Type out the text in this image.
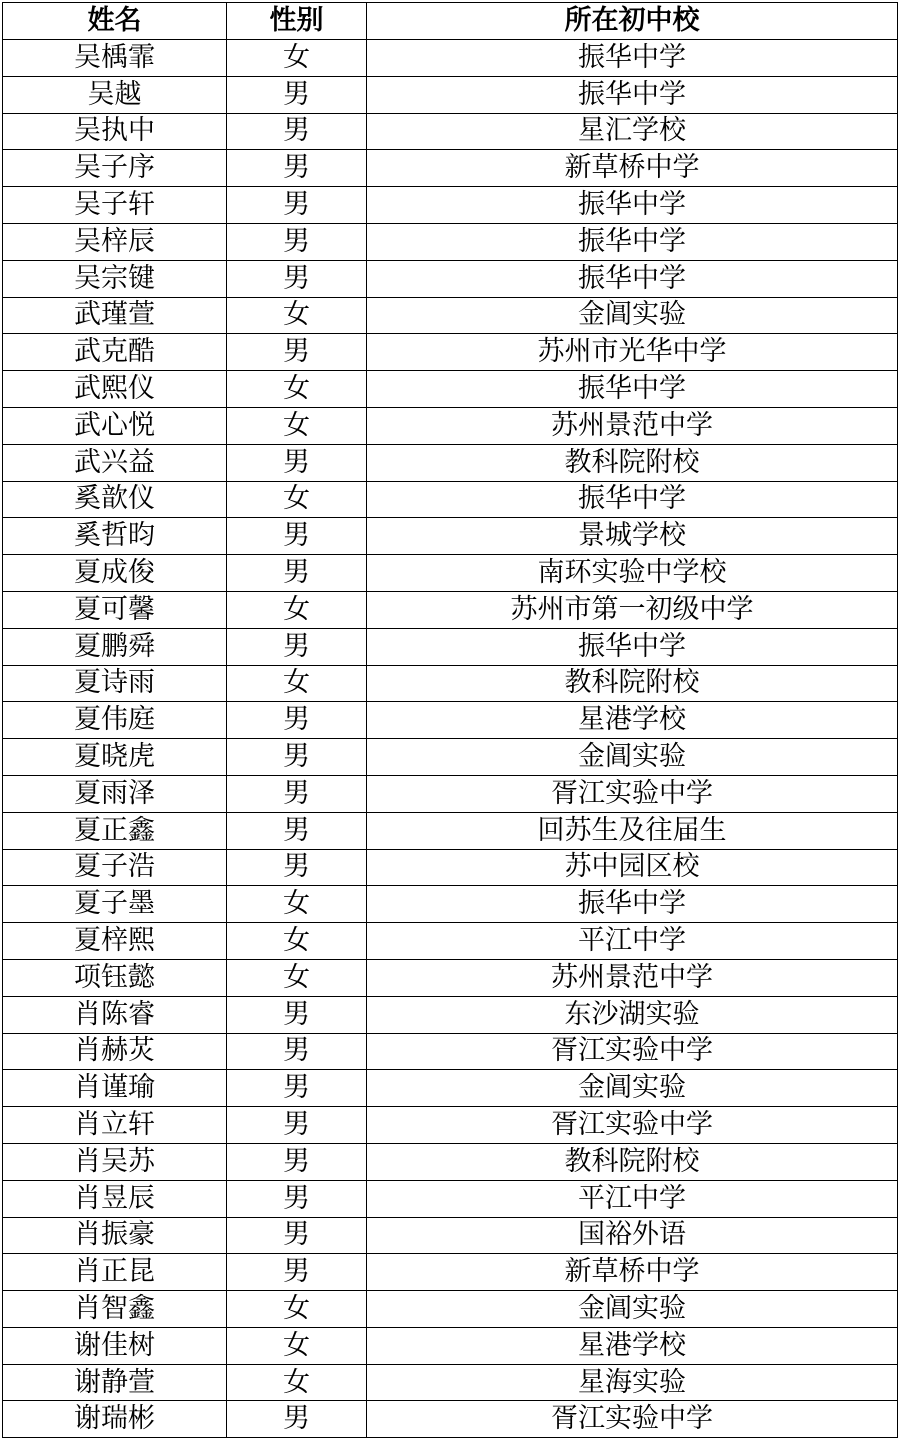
姓名	性别	所在初中校
吴楀霏	女	振华中学
吴越	男	振华中学
吴执中	男	星汇学校
吴子序	男	新草桥中学
吴子轩	男	振华中学
吴梓辰	男	振华中学
吴宗键	男	振华中学
武瑾萱	女	金阊实验
武克酷	男	苏州市光华中学
武熙仪	女	振华中学
武心悦	女	苏州景范中学
武兴益	男	教科院附校
奚歆仪	女	振华中学
奚哲昀	男	景城学校
夏成俊	男	南环实验中学校
夏可馨	女	苏州市第一初级中学
夏鹏舜	男	振华中学
夏诗雨	女	教科院附校
夏伟庭	男	星港学校
夏晓虎	男	金阊实验
夏雨泽	男	胥江实验中学
夏正鑫	男	回苏生及往届生
夏子浩	男	苏中园区校
夏子墨	女	振华中学
夏梓熙	女	平江中学
项钰懿	女	苏州景范中学
肖陈睿	男	东沙湖实验
肖赫炗	男	胥江实验中学
肖谨瑜	男	金阊实验
肖立轩	男	胥江实验中学
肖吴苏	男	教科院附校
肖昱辰	男	平江中学
肖振豪	男	国裕外语
肖正昆	男	新草桥中学
肖智鑫	女	金阊实验
谢佳树	女	星港学校
谢静萱	女	星海实验
谢瑞彬	男	胥江实验中学
